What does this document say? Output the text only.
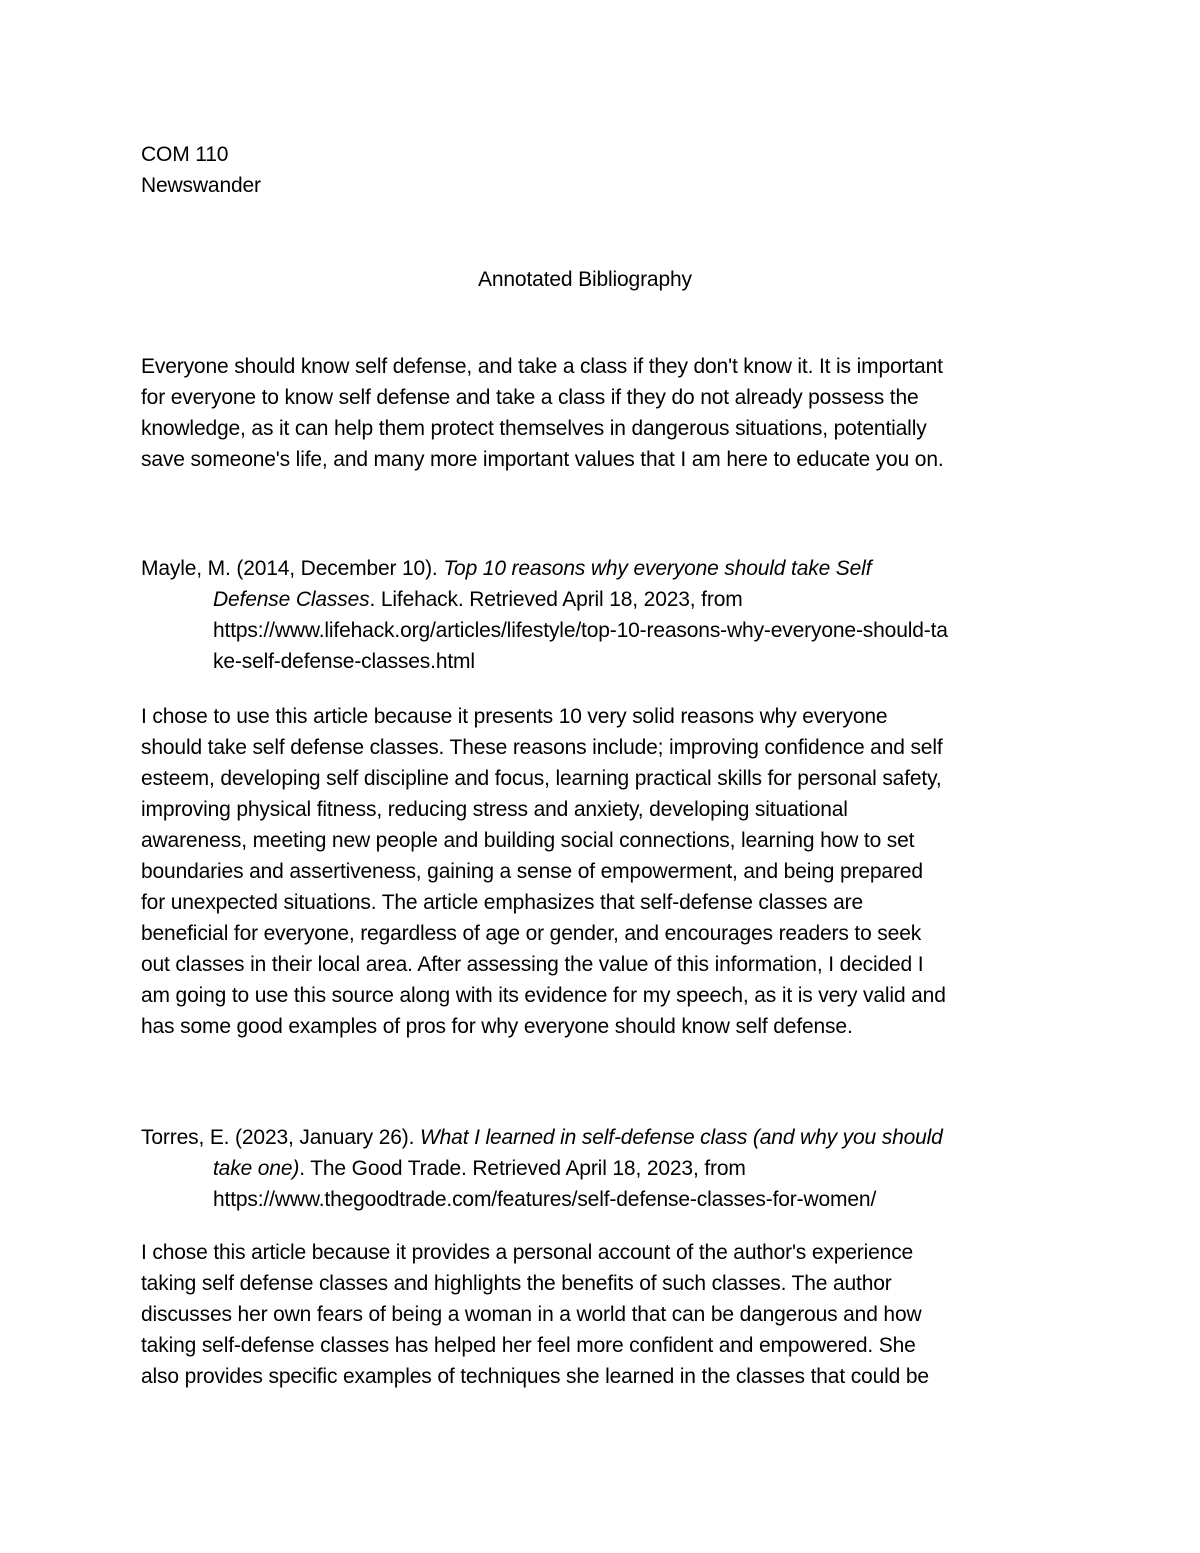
COM 110
Newswander
Annotated Bibliography
Everyone should know self defense, and take a class if they don't know it. It is important
for everyone to know self defense and take a class if they do not already possess the
knowledge, as it can help them protect themselves in dangerous situations, potentially
save someone's life, and many more important values that I am here to educate you on.
Mayle, M. (2014, December 10). Top 10 reasons why everyone should take Self
Defense Classes. Lifehack. Retrieved April 18, 2023, from
https://www.lifehack.org/articles/lifestyle/top-10-reasons-why-everyone-should-ta
ke-self-defense-classes.html
I chose to use this article because it presents 10 very solid reasons why everyone
should take self defense classes. These reasons include; improving confidence and self
esteem, developing self discipline and focus, learning practical skills for personal safety,
improving physical fitness, reducing stress and anxiety, developing situational
awareness, meeting new people and building social connections, learning how to set
boundaries and assertiveness, gaining a sense of empowerment, and being prepared
for unexpected situations. The article emphasizes that self-defense classes are
beneficial for everyone, regardless of age or gender, and encourages readers to seek
out classes in their local area. After assessing the value of this information, I decided I
am going to use this source along with its evidence for my speech, as it is very valid and
has some good examples of pros for why everyone should know self defense.
Torres, E. (2023, January 26). What I learned in self-defense class (and why you should
take one). The Good Trade. Retrieved April 18, 2023, from
https://www.thegoodtrade.com/features/self-defense-classes-for-women/
I chose this article because it provides a personal account of the author's experience
taking self defense classes and highlights the benefits of such classes. The author
discusses her own fears of being a woman in a world that can be dangerous and how
taking self-defense classes has helped her feel more confident and empowered. She
also provides specific examples of techniques she learned in the classes that could be
